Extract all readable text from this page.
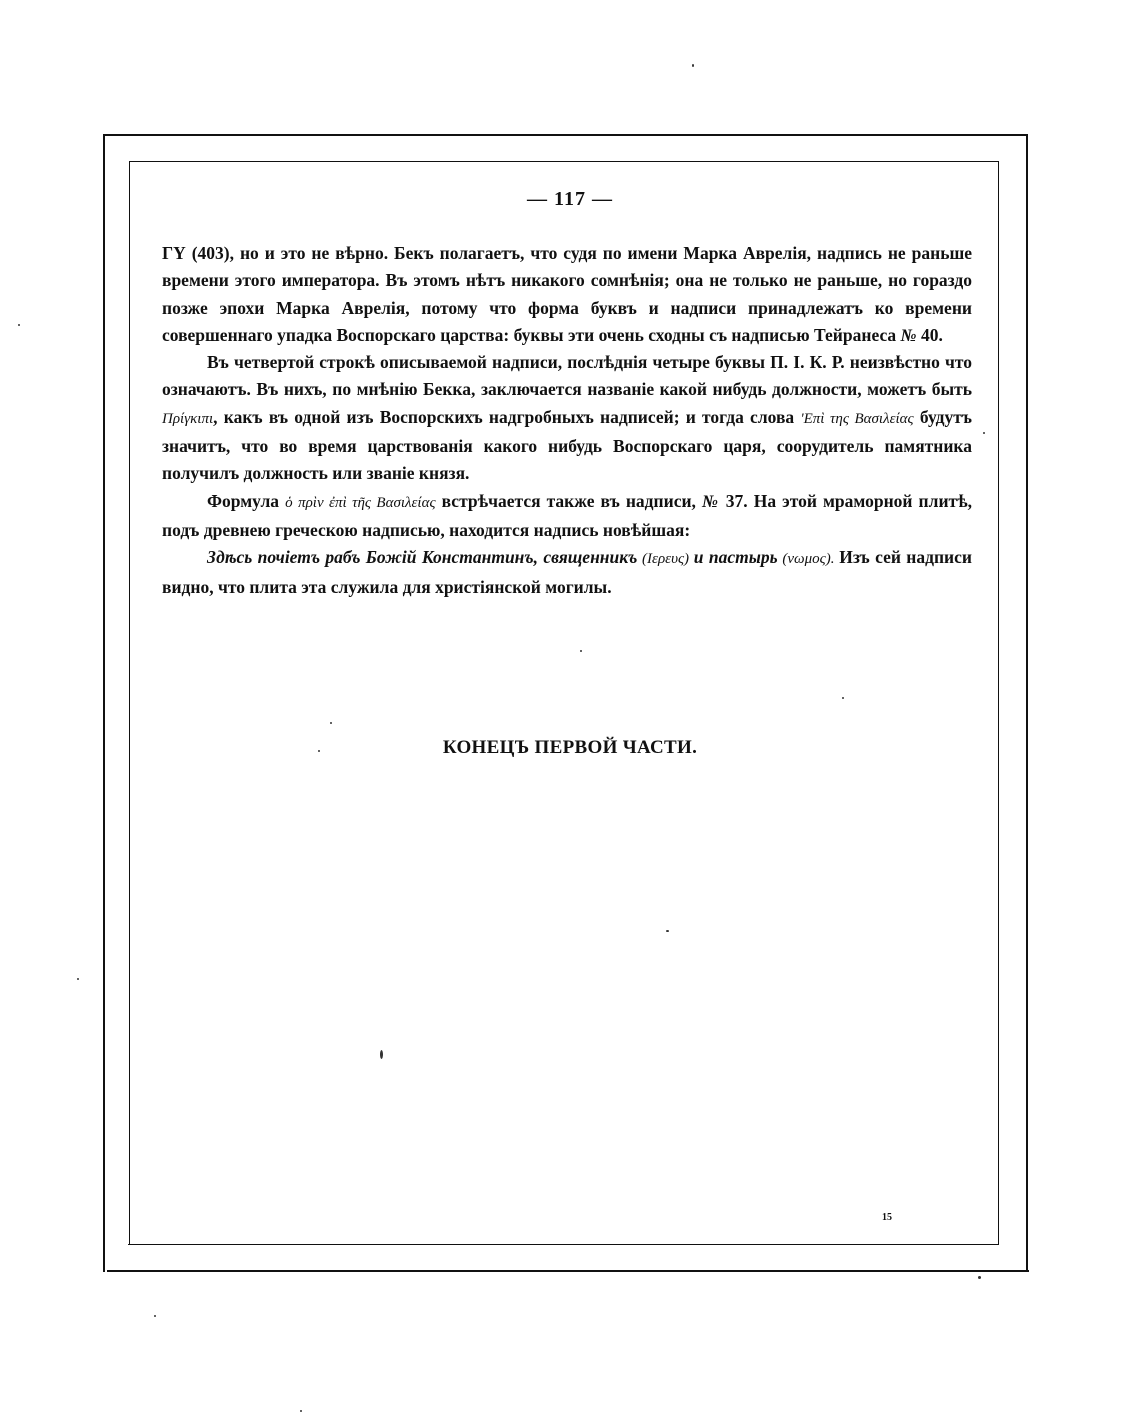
— 117 —

ΓΥ (403), но и это не вѣрно. Бекъ полагаетъ, что судя по имени Марка Аврелія, надпись не раньше времени этого императора. Въ этомъ нѣтъ никакого сомнѣнія; она не только не раньше, но гораздо позже эпохи Марка Аврелія, потому что форма буквъ и надписи принадлежатъ ко времени совершеннаго упадка Воспорскаго царства: буквы эти очень сходны съ надписью Тейранеса № 40.

Въ четвертой строкѣ описываемой надписи, послѣднія четыре буквы П. I. К. Р. неизвѣстно что означаютъ. Въ нихъ, по мнѣнію Бекка, заключается названіе какой нибудь должности, можетъ быть Πρίγκιπι, какъ въ одной изъ Воспорскихъ надгробныхъ надписей; и тогда слова 'Επὶ της Βασιλείας будутъ значитъ, что во время царствованія какого нибудь Воспорскаго царя, соорудитель памятника получилъ должность или званіе князя.

Формула ὁ πρὶν ἐπὶ τῆς Βασιλείας встрѣчается также въ надписи, № 37. На этой мраморной плитѣ, подъ древнею греческою надписью, находится надпись новѣйшая:

Здѣсь почіетъ рабъ Божій Константинъ, священникъ (Ιερευς) и пастырь (νωμος). Изъ сей надписи видно, что плита эта служила для христіянской могилы.

КОНЕЦЪ ПЕРВОЙ ЧАСТИ.
15
